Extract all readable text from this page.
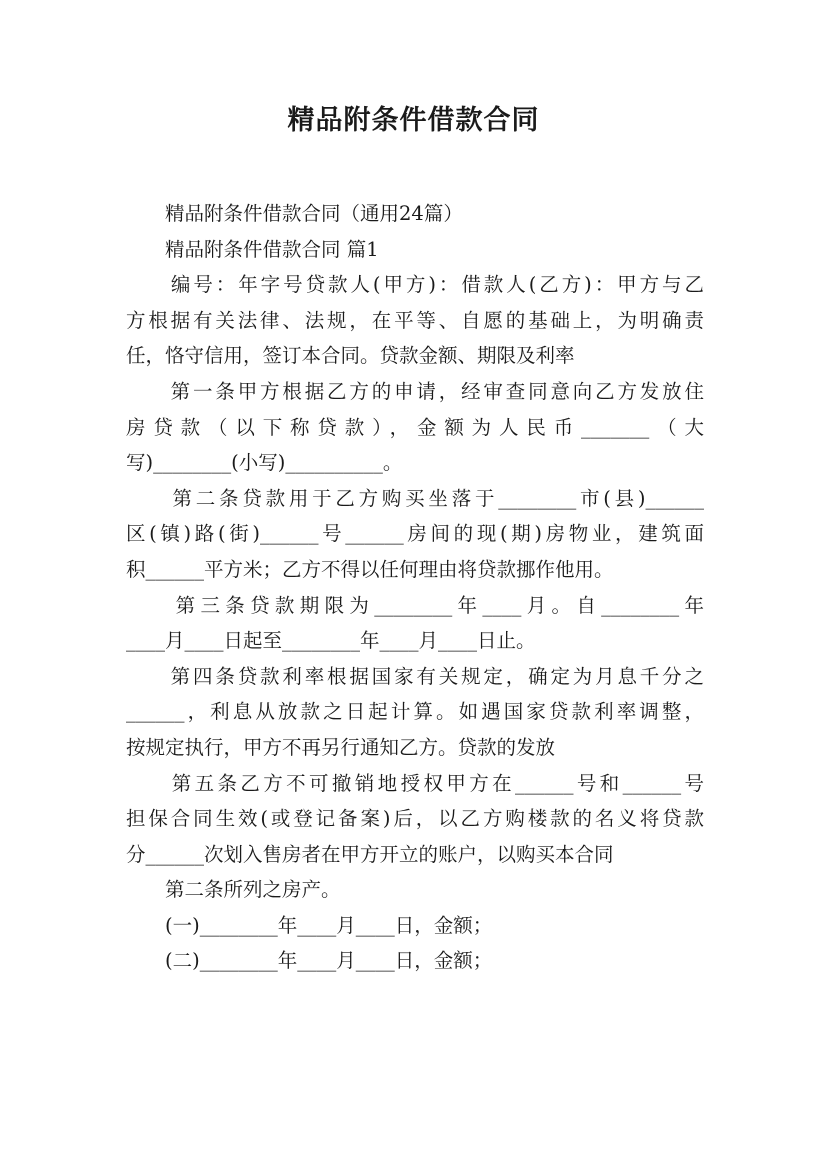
精品附条件借款合同
　　精品附条件借款合同（通用24篇）
　　精品附条件借款合同 篇1
　　编号：年字号贷款人(甲方)：借款人(乙方)：甲方与乙
方根据有关法律、法规，在平等、自愿的基础上，为明确责
任，恪守信用，签订本合同。贷款金额、期限及利率
　　第一条甲方根据乙方的申请，经审查同意向乙方发放住
房贷款（以下称贷款），金额为人民币_______（大
写)________(小写)__________。
　　第二条贷款用于乙方购买坐落于________市(县)______
区(镇)路(街)______号______房间的现(期)房物业，建筑面
积______平方米；乙方不得以任何理由将贷款挪作他用。
　　第三条贷款期限为________年____月。自________年
____月____日起至________年____月____日止。
　　第四条贷款利率根据国家有关规定，确定为月息千分之
______，利息从放款之日起计算。如遇国家贷款利率调整，
按规定执行，甲方不再另行通知乙方。贷款的发放
　　第五条乙方不可撤销地授权甲方在______号和______号
担保合同生效(或登记备案)后，以乙方购楼款的名义将贷款
分______次划入售房者在甲方开立的账户，以购买本合同
　　第二条所列之房产。
　　(一)________年____月____日，金额；
　　(二)________年____月____日，金额；
